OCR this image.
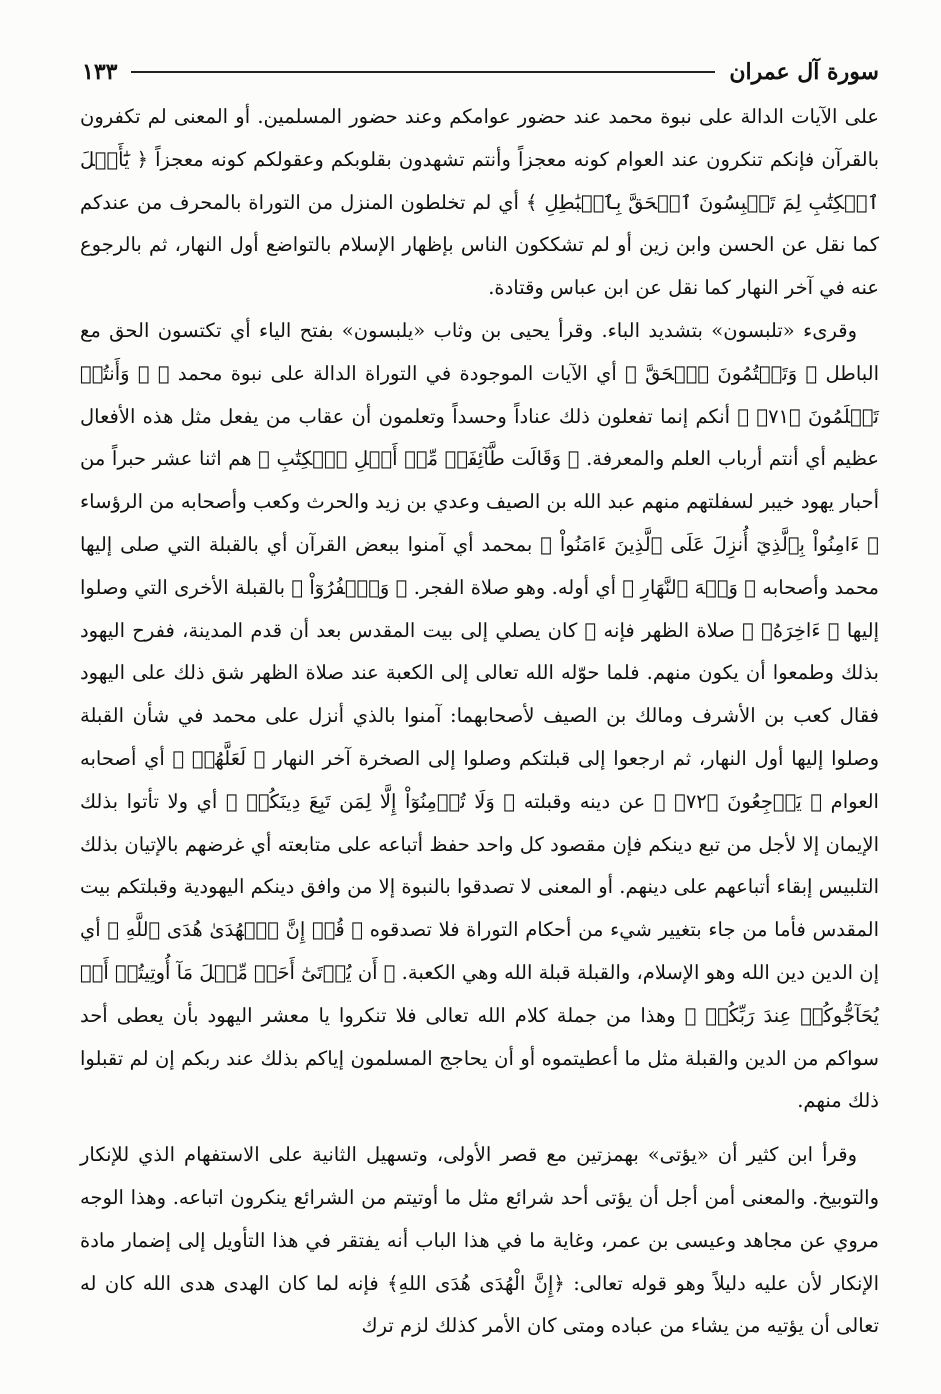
سورة آل عمران
١٣٣

على الآيات الدالة على نبوة محمد عند حضور عوامكم وعند حضور المسلمين. أو المعنى لم تكفرون بالقرآن فإنكم تنكرون عند العوام كونه معجزاً وأنتم تشهدون بقلوبكم وعقولكم كونه معجزاً ﴿ يَٰٓأَهۡلَ ٱلۡكِتَٰبِ لِمَ تَلۡبِسُونَ ٱلۡحَقَّ بِٱلۡبَٰطِلِ ﴾ أي لم تخلطون المنزل من التوراة بالمحرف من عندكم كما نقل عن الحسن وابن زين أو لم تشككون الناس بإظهار الإسلام بالتواضع أول النهار، ثم بالرجوع عنه في آخر النهار كما نقل عن ابن عباس وقتادة.

وقرىء «تلبسون» بتشديد الباء. وقرأ يحيى بن وثاب «يلبسون» بفتح الياء أي تكتسون الحق مع الباطل ﴿ وَتَكۡتُمُونَ ٱلۡحَقَّ ﴾ أي الآيات الموجودة في التوراة الدالة على نبوة محمد ﷺ ﴿ وَأَنتُمۡ تَعۡلَمُونَ ﴿٧١﴾ ﴾ أنكم إنما تفعلون ذلك عناداً وحسداً وتعلمون أن عقاب من يفعل مثل هذه الأفعال عظيم أي أنتم أرباب العلم والمعرفة. ﴿ وَقَالَت طَّآئِفَةٞ مِّنۡ أَهۡلِ ٱلۡكِتَٰبِ ﴾ هم اثنا عشر حبراً من أحبار يهود خيبر لسفلتهم منهم عبد الله بن الصيف وعدي بن زيد والحرث وكعب وأصحابه من الرؤساء ﴿ ءَامِنُواْ بِٱلَّذِيٓ أُنزِلَ عَلَى ٱلَّذِينَ ءَامَنُواْ ﴾ بمحمد أي آمنوا ببعض القرآن أي بالقبلة التي صلى إليها محمد وأصحابه ﴿ وَجۡهَ ٱلنَّهَارِ ﴾ أي أوله. وهو صلاة الفجر. ﴿ وَٱكۡفُرُوٓاْ ﴾ بالقبلة الأخرى التي وصلوا إليها ﴿ ءَاخِرَهُۥ ﴾ صلاة الظهر فإنه ﷺ كان يصلي إلى بيت المقدس بعد أن قدم المدينة، ففرح اليهود بذلك وطمعوا أن يكون منهم. فلما حوّله الله تعالى إلى الكعبة عند صلاة الظهر شق ذلك على اليهود فقال كعب بن الأشرف ومالك بن الصيف لأصحابهما: آمنوا بالذي أنزل على محمد في شأن القبلة وصلوا إليها أول النهار، ثم ارجعوا إلى قبلتكم وصلوا إلى الصخرة آخر النهار ﴿ لَعَلَّهُمۡ ﴾ أي أصحابه العوام ﴿ يَرۡجِعُونَ ﴿٧٢﴾ ﴾ عن دينه وقبلته ﴿ وَلَا تُؤۡمِنُوٓاْ إِلَّا لِمَن تَبِعَ دِينَكُمۡ ﴾ أي ولا تأتوا بذلك الإيمان إلا لأجل من تبع دينكم فإن مقصود كل واحد حفظ أتباعه على متابعته أي غرضهم بالإتيان بذلك التلبيس إبقاء أتباعهم على دينهم. أو المعنى لا تصدقوا بالنبوة إلا من وافق دينكم اليهودية وقبلتكم بيت المقدس فأما من جاء بتغيير شيء من أحكام التوراة فلا تصدقوه ﴿ قُلۡ إِنَّ ٱلۡهُدَىٰ هُدَى ٱللَّهِ ﴾ أي إن الدين دين الله وهو الإسلام، والقبلة قبلة الله وهي الكعبة. ﴿ أَن يُؤۡتَىٰٓ أَحَدٞ مِّثۡلَ مَآ أُوتِيتُمۡ أَوۡ يُحَآجُّوكُمۡ عِندَ رَبِّكُمۡ ﴾ وهذا من جملة كلام الله تعالى فلا تنكروا يا معشر اليهود بأن يعطى أحد سواكم من الدين والقبلة مثل ما أعطيتموه أو أن يحاجج المسلمون إياكم بذلك عند ربكم إن لم تقبلوا ذلك منهم.

وقرأ ابن كثير أن «يؤتى» بهمزتين مع قصر الأولى، وتسهيل الثانية على الاستفهام الذي للإنكار والتوبيخ. والمعنى أمن أجل أن يؤتى أحد شرائع مثل ما أوتيتم من الشرائع ينكرون اتباعه. وهذا الوجه مروي عن مجاهد وعيسى بن عمر، وغاية ما في هذا الباب أنه يفتقر في هذا التأويل إلى إضمار مادة الإنكار لأن عليه دليلاً وهو قوله تعالى: ﴿إِنَّ الْهُدَى هُدَى اللهِ﴾ فإنه لما كان الهدى هدى الله كان له تعالى أن يؤتيه من يشاء من عباده ومتى كان الأمر كذلك لزم ترك
